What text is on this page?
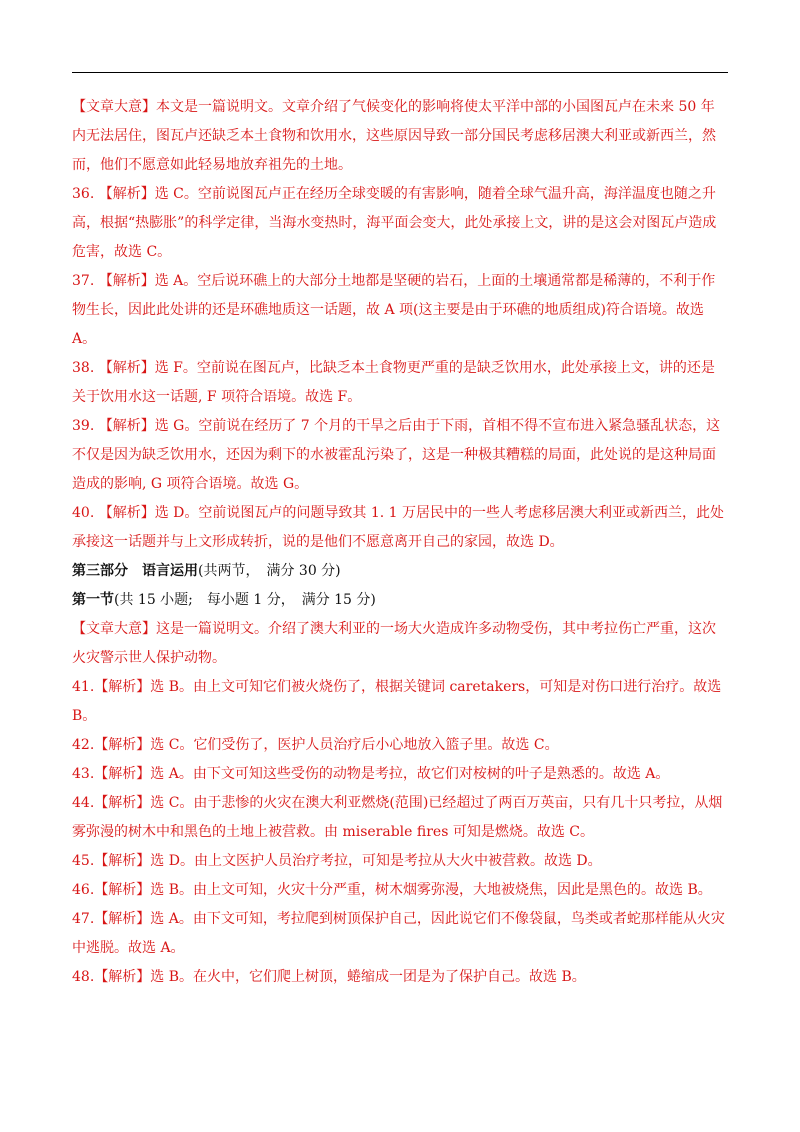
【文章大意】本文是一篇说明文。文章介绍了气候变化的影响将使太平洋中部的小国图瓦卢在未来 50 年内无法居住，图瓦卢还缺乏本土食物和饮用水，这些原因导致一部分国民考虑移居澳大利亚或新西兰，然而，他们不愿意如此轻易地放弃祖先的土地。

36. 【解析】选 C。空前说图瓦卢正在经历全球变暖的有害影响，随着全球气温升高，海洋温度也随之升高，根据“热膨胀”的科学定律，当海水变热时，海平面会变大，此处承接上文，讲的是这会对图瓦卢造成危害，故选 C。

37. 【解析】选 A。空后说环礁上的大部分土地都是坚硬的岩石，上面的土壤通常都是稀薄的，不利于作物生长，因此此处讲的还是环礁地质这一话题，故 A 项(这主要是由于环礁的地质组成)符合语境。故选 A。

38. 【解析】选 F。空前说在图瓦卢，比缺乏本土食物更严重的是缺乏饮用水，此处承接上文，讲的还是关于饮用水这一话题, F 项符合语境。故选 F。

39. 【解析】选 G。空前说在经历了 7 个月的干旱之后由于下雨，首相不得不宣布进入紧急骚乱状态，这不仅是因为缺乏饮用水，还因为剩下的水被霍乱污染了，这是一种极其糟糕的局面，此处说的是这种局面造成的影响, G 项符合语境。故选 G。

40. 【解析】选 D。空前说图瓦卢的问题导致其 1. 1 万居民中的一些人考虑移居澳大利亚或新西兰，此处承接这一话题并与上文形成转折，说的是他们不愿意离开自己的家园，故选 D。

第三部分　语言运用(共两节，　满分 30 分)

第一节(共 15 小题;　每小题 1 分，　满分 15 分)

【文章大意】这是一篇说明文。介绍了澳大利亚的一场大火造成许多动物受伤，其中考拉伤亡严重，这次火灾警示世人保护动物。

41.【解析】选 B。由上文可知它们被火烧伤了，根据关键词 caretakers，可知是对伤口进行治疗。故选 B。

42.【解析】选 C。它们受伤了，医护人员治疗后小心地放入篮子里。故选 C。

43.【解析】选 A。由下文可知这些受伤的动物是考拉，故它们对桉树的叶子是熟悉的。故选 A。

44.【解析】选 C。由于悲惨的火灾在澳大利亚燃烧(范围)已经超过了两百万英亩，只有几十只考拉，从烟雾弥漫的树木中和黑色的土地上被营救。由 miserable fires 可知是燃烧。故选 C。

45.【解析】选 D。由上文医护人员治疗考拉，可知是考拉从大火中被营救。故选 D。

46.【解析】选 B。由上文可知，火灾十分严重，树木烟雾弥漫，大地被烧焦，因此是黑色的。故选 B。

47.【解析】选 A。由下文可知，考拉爬到树顶保护自己，因此说它们不像袋鼠，鸟类或者蛇那样能从火灾中逃脱。故选 A。

48.【解析】选 B。在火中，它们爬上树顶，蜷缩成一团是为了保护自己。故选 B。
